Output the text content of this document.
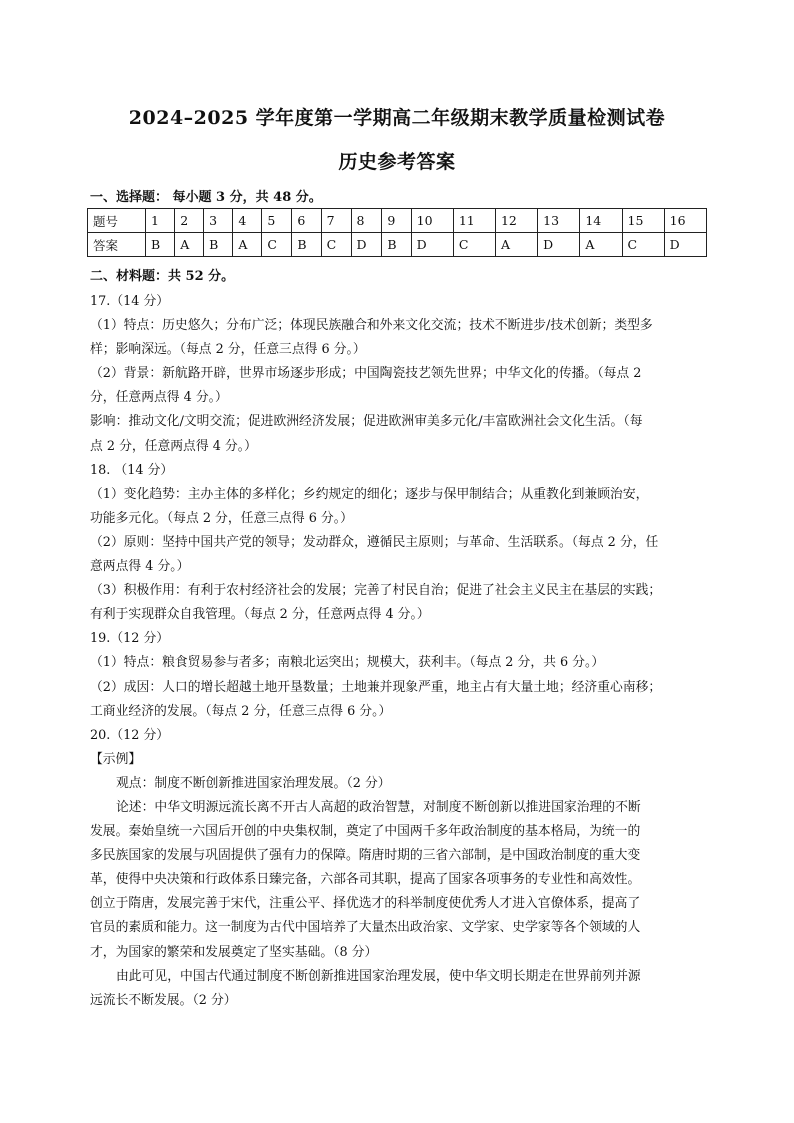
2024–2025 学年度第一学期高二年级期末教学质量检测试卷
历史参考答案
一、选择题： 每小题 3 分，共 48 分。
题号	1	2	3	4	5	6	7	8	9	10	11	12	13	14	15	16
答案	B	A	B	A	C	B	C	D	B	D	C	A	D	A	C	D
二、材料题：共 52 分。
17.（14 分）
（1）特点：历史悠久；分布广泛；体现民族融合和外来文化交流；技术不断进步/技术创新；类型多
样；影响深远。（每点 2 分，任意三点得 6 分。）
（2）背景：新航路开辟，世界市场逐步形成；中国陶瓷技艺领先世界；中华文化的传播。（每点 2
分，任意两点得 4 分。）
影响：推动文化/文明交流；促进欧洲经济发展；促进欧洲审美多元化/丰富欧洲社会文化生活。（每
点 2 分，任意两点得 4 分。）
18. （14 分）
（1）变化趋势：主办主体的多样化；乡约规定的细化；逐步与保甲制结合；从重教化到兼顾治安，
功能多元化。（每点 2 分，任意三点得 6 分。）
（2）原则：坚持中国共产党的领导；发动群众，遵循民主原则；与革命、生活联系。（每点 2 分，任
意两点得 4 分。）
（3）积极作用：有利于农村经济社会的发展；完善了村民自治；促进了社会主义民主在基层的实践；
有利于实现群众自我管理。（每点 2 分，任意两点得 4 分。）
19.（12 分）
（1）特点：粮食贸易参与者多；南粮北运突出；规模大，获利丰。（每点 2 分，共 6 分。）
（2）成因：人口的增长超越土地开垦数量；土地兼并现象严重，地主占有大量土地；经济重心南移；
工商业经济的发展。（每点 2 分，任意三点得 6 分。）
20.（12 分）
【示例】
观点：制度不断创新推进国家治理发展。（2 分）
论述：中华文明源远流长离不开古人高超的政治智慧，对制度不断创新以推进国家治理的不断
发展。秦始皇统一六国后开创的中央集权制，奠定了中国两千多年政治制度的基本格局，为统一的
多民族国家的发展与巩固提供了强有力的保障。隋唐时期的三省六部制，是中国政治制度的重大变
革，使得中央决策和行政体系日臻完备，六部各司其职，提高了国家各项事务的专业性和高效性。
创立于隋唐，发展完善于宋代，注重公平、择优选才的科举制度使优秀人才进入官僚体系，提高了
官员的素质和能力。这一制度为古代中国培养了大量杰出政治家、文学家、史学家等各个领域的人
才，为国家的繁荣和发展奠定了坚实基础。（8 分）
由此可见，中国古代通过制度不断创新推进国家治理发展，使中华文明长期走在世界前列并源
远流长不断发展。（2 分）
